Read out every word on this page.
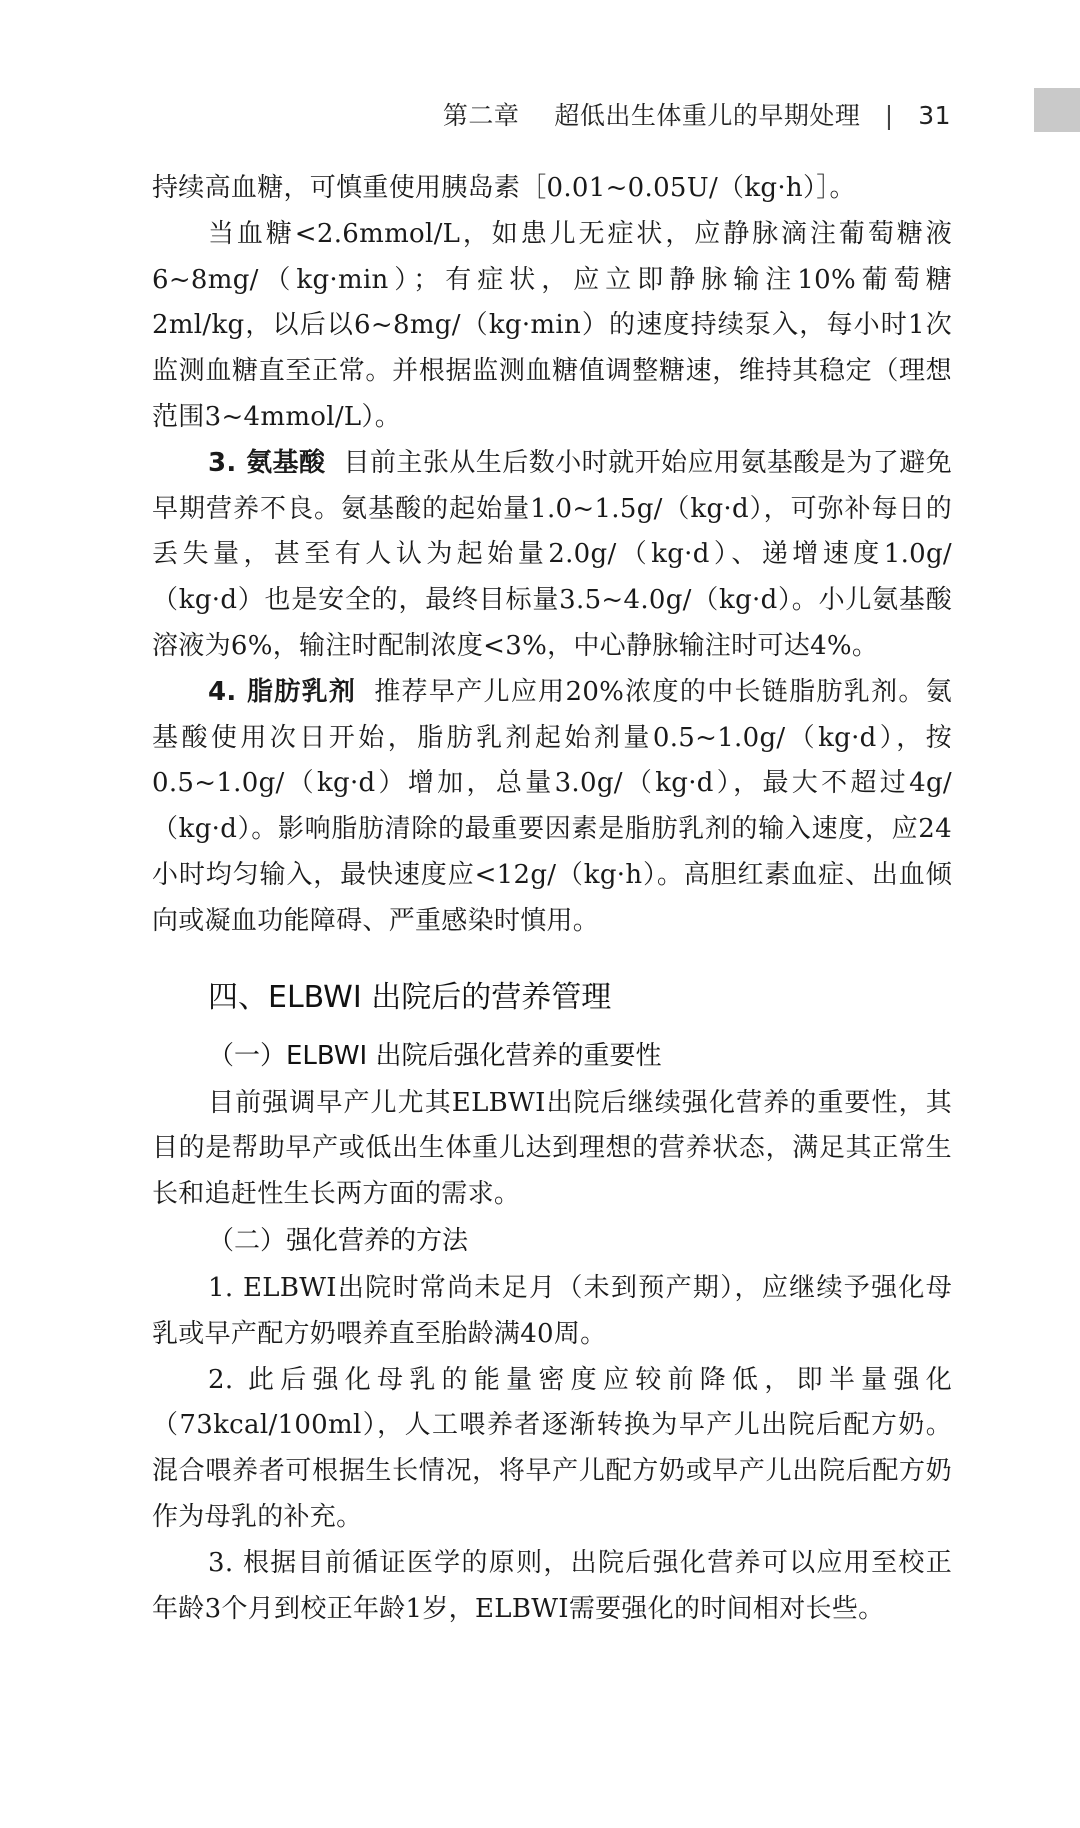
第二章 超低出生体重儿的早期处理 | 31

持续高血糖，可慎重使用胰岛素［0.01~0.05U/（kg·h）］。

当血糖<2.6mmol/L，如患儿无症状，应静脉滴注葡萄糖液6~8mg/（kg·min）；有症状，应立即静脉输注10%葡萄糖2ml/kg，以后以6~8mg/（kg·min）的速度持续泵入，每小时1次监测血糖直至正常。并根据监测血糖值调整糖速，维持其稳定（理想范围3~4mmol/L）。

3. 氨基酸 目前主张从生后数小时就开始应用氨基酸是为了避免早期营养不良。氨基酸的起始量1.0~1.5g/（kg·d），可弥补每日的丢失量，甚至有人认为起始量2.0g/（kg·d）、递增速度1.0g/（kg·d）也是安全的，最终目标量3.5~4.0g/（kg·d）。小儿氨基酸溶液为6%，输注时配制浓度<3%，中心静脉输注时可达4%。

4. 脂肪乳剂 推荐早产儿应用20%浓度的中长链脂肪乳剂。氨基酸使用次日开始，脂肪乳剂起始剂量0.5~1.0g/（kg·d），按0.5~1.0g/（kg·d）增加，总量3.0g/（kg·d），最大不超过4g/（kg·d）。影响脂肪清除的最重要因素是脂肪乳剂的输入速度，应24小时均匀输入，最快速度应<12g/（kg·h）。高胆红素血症、出血倾向或凝血功能障碍、严重感染时慎用。

四、ELBWI 出院后的营养管理
（一）ELBWI 出院后强化营养的重要性

目前强调早产儿尤其ELBWI出院后继续强化营养的重要性，其目的是帮助早产或低出生体重儿达到理想的营养状态，满足其正常生长和追赶性生长两方面的需求。

（二）强化营养的方法

1. ELBWI出院时常尚未足月（未到预产期），应继续予强化母乳或早产配方奶喂养直至胎龄满40周。

2. 此后强化母乳的能量密度应较前降低，即半量强化（73kcal/100ml），人工喂养者逐渐转换为早产儿出院后配方奶。混合喂养者可根据生长情况，将早产儿配方奶或早产儿出院后配方奶作为母乳的补充。

3. 根据目前循证医学的原则，出院后强化营养可以应用至校正年龄3个月到校正年龄1岁，ELBWI需要强化的时间相对长些。
